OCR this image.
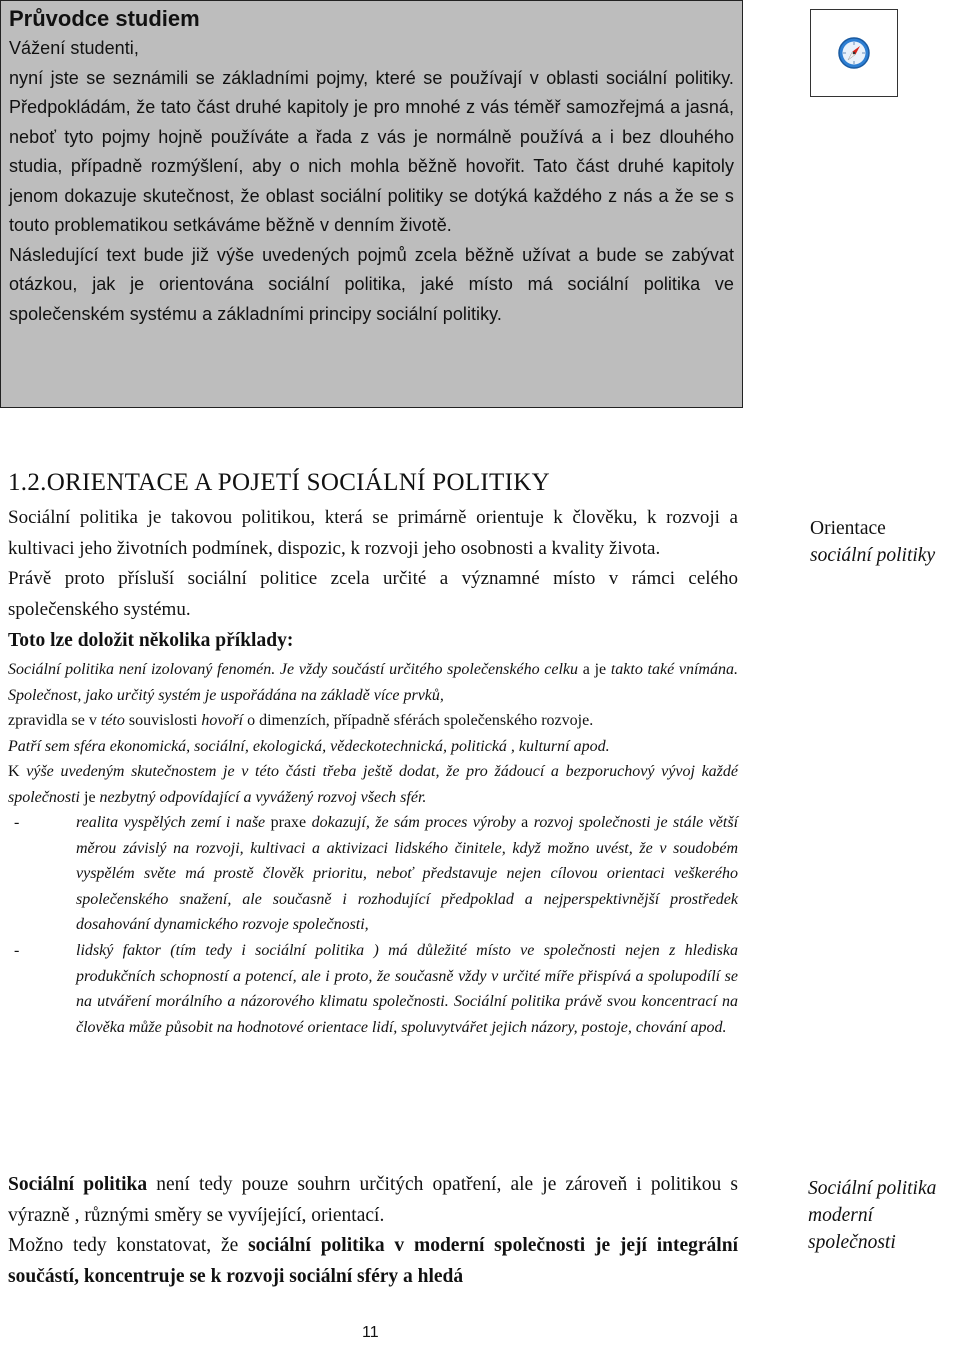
Průvodce studiem

Vážení studenti,

nyní jste se seznámili se základními pojmy, které se používají v oblasti sociální politiky. Předpokládám, že tato část druhé kapitoly je pro mnohé z vás téměř samozřejmá a jasná, neboť tyto pojmy hojně používáte a řada z vás je normálně používá a i bez dlouhého studia, případně rozmýšlení, aby o nich mohla běžně hovořit. Tato část druhé kapitoly jenom dokazuje skutečnost, že oblast sociální politiky se dotýká každého z nás a že se s touto problematikou setkáváme běžně v denním životě.

Následující text bude již výše uvedených pojmů zcela běžně užívat a bude se zabývat otázkou, jak je orientována sociální politika, jaké místo má sociální politika ve společenském systému a základními principy sociální politiky.

1.2.ORIENTACE A POJETÍ SOCIÁLNÍ POLITIKY

Sociální politika je takovou politikou, která se primárně orientuje k člověku, k rozvoji a kultivaci jeho životních podmínek, dispozic, k rozvoji jeho osobnosti a kvality života.

Právě proto přísluší sociální politice zcela určité a významné místo v rámci celého společenského systému.

Toto lze doložit několika příklady:

Sociální politika není izolovaný fenomén. Je vždy součástí určitého společenského celku a je takto také vnímána. Společnost, jako určitý systém je uspořádána na základě více prvků,

zpravidla se v této souvislosti hovoří o dimenzích, případně sférách společenského rozvoje.

Patří sem sféra ekonomická, sociální, ekologická, vědeckotechnická, politická , kulturní apod.

K výše uvedeným skutečnostem je v této části třeba ještě dodat, že pro žádoucí a bezporuchový vývoj každé společnosti je nezbytný odpovídající a vyvážený rozvoj všech sfér.

-	realita vyspělých zemí i naše praxe dokazují, že sám proces výroby a rozvoj společnosti je stále větší měrou závislý na rozvoji, kultivaci a aktivizaci lidského činitele, když možno uvést, že v soudobém vyspělém světe má prostě člověk prioritu, neboť představuje nejen cílovou orientaci veškerého společenského snažení, ale současně i rozhodující předpoklad a nejperspektivnější prostředek dosahování dynamického rozvoje společnosti,
-	lidský faktor (tím tedy i sociální politika ) má důležité místo ve společnosti nejen z hlediska produkčních schopností a potencí, ale i proto, že současně vždy v určité míře přispívá a spolupodílí se na utváření morálního a názorového klimatu společnosti. Sociální politika právě svou koncentrací na člověka může působit na hodnotové orientace lidí, spoluvytvářet jejich názory, postoje, chování apod.

Orientace
sociální politiky

Sociální politika
moderní
společnosti

Sociální politika není tedy pouze souhrn určitých opatření, ale je zároveň i politikou s výrazně , různými směry se vyvíjející, orientací.

Možno tedy konstatovat, že sociální politika v moderní společnosti je její integrální součástí, koncentruje se k rozvoji sociální sféry a hledá

11
